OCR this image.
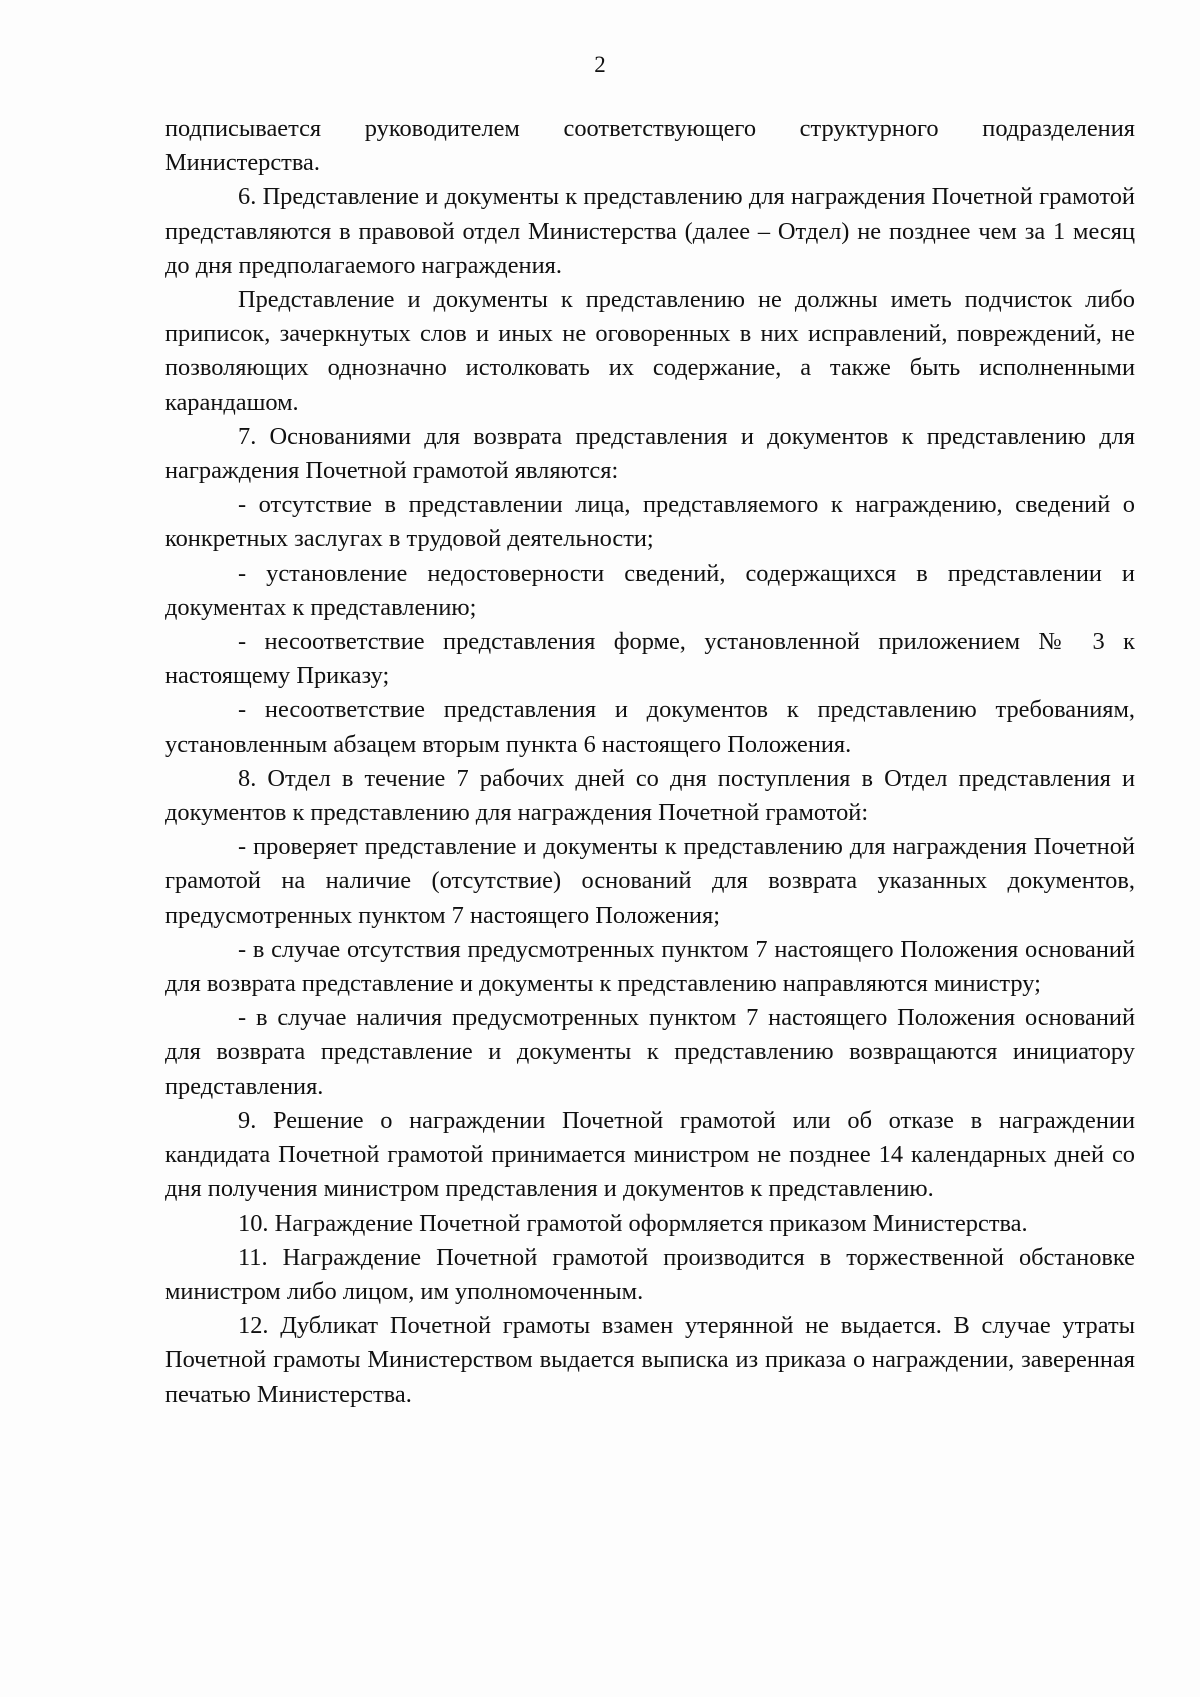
2

подписывается руководителем соответствующего структурного подразделения Министерства.

6. Представление и документы к представлению для награждения Почетной грамотой представляются в правовой отдел Министерства (далее – Отдел) не позднее чем за 1 месяц до дня предполагаемого награждения.

Представление и документы к представлению не должны иметь подчисток либо приписок, зачеркнутых слов и иных не оговоренных в них исправлений, повреждений, не позволяющих однозначно истолковать их содержание, а также быть исполненными карандашом.

7. Основаниями для возврата представления и документов к представлению для награждения Почетной грамотой являются:

- отсутствие в представлении лица, представляемого к награждению, сведений о конкретных заслугах в трудовой деятельности;

- установление недостоверности сведений, содержащихся в представлении и документах к представлению;

- несоответствие представления форме, установленной приложением № 3 к настоящему Приказу;

- несоответствие представления и документов к представлению требованиям, установленным абзацем вторым пункта 6 настоящего Положения.

8. Отдел в течение 7 рабочих дней со дня поступления в Отдел представления и документов к представлению для награждения Почетной грамотой:

- проверяет представление и документы к представлению для награждения Почетной грамотой на наличие (отсутствие) оснований для возврата указанных документов, предусмотренных пунктом 7 настоящего Положения;

- в случае отсутствия предусмотренных пунктом 7 настоящего Положения оснований для возврата представление и документы к представлению направляются министру;

- в случае наличия предусмотренных пунктом 7 настоящего Положения оснований для возврата представление и документы к представлению возвращаются инициатору представления.

9. Решение о награждении Почетной грамотой или об отказе в награждении кандидата Почетной грамотой принимается министром не позднее 14 календарных дней со дня получения министром представления и документов к представлению.

10. Награждение Почетной грамотой оформляется приказом Министерства.

11. Награждение Почетной грамотой производится в торжественной обстановке министром либо лицом, им уполномоченным.

12. Дубликат Почетной грамоты взамен утерянной не выдается. В случае утраты Почетной грамоты Министерством выдается выписка из приказа о награждении, заверенная печатью Министерства.
